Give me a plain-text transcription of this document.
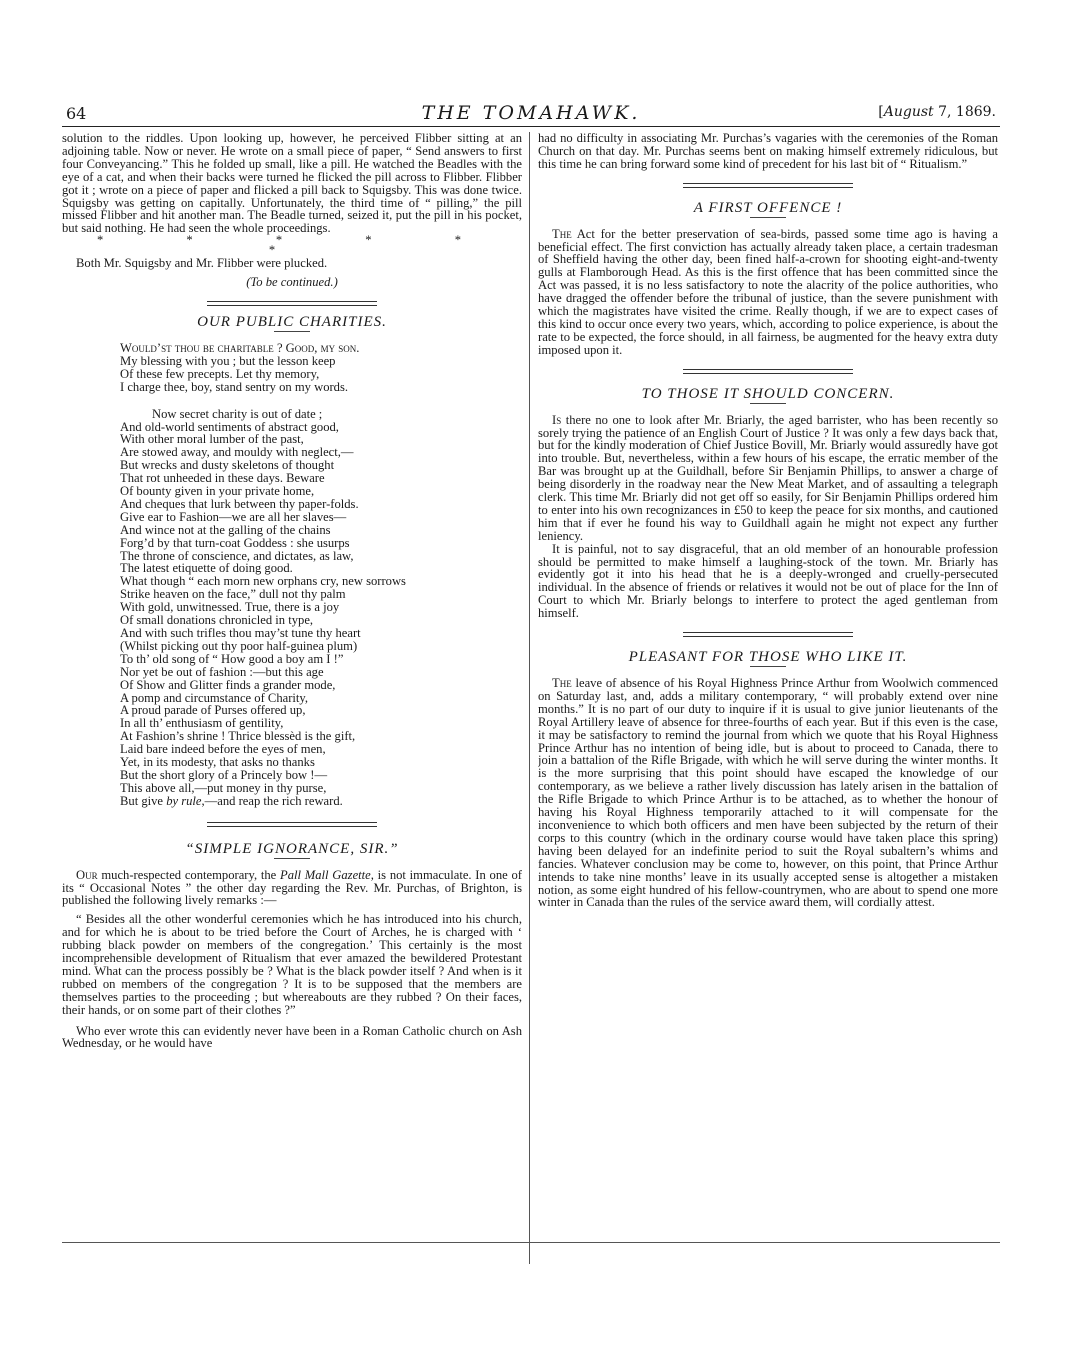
64	THE TOMAHAWK.	[August 7, 1869.

solution to the riddles. Upon looking up, however, he perceived Flibber sitting at an adjoining table. Now or never. He wrote on a small piece of paper, “ Send answers to first four Conveyancing.” This he folded up small, like a pill. He watched the Beadles with the eye of a cat, and when their backs were turned he flicked the pill across to Flibber. Flibber got it ; wrote on a piece of paper and flicked a pill back to Squigsby. This was done twice. Squigsby was getting on capitally. Unfortunately, the third time of “ pilling,” the pill missed Flibber and hit another man. The Beadle turned, seized it, put the pill in his pocket, but said nothing. He had seen the whole proceedings.

* * * * * *

Both Mr. Squigsby and Mr. Flibber were plucked.

(To be continued.)

OUR PUBLIC CHARITIES.
Would’st thou be charitable ? Good, my son.
My blessing with you ; but the lesson keep
Of these few precepts. Let thy memory,
I charge thee, boy, stand sentry on my words.
Now secret charity is out of date ;
And old-world sentiments of abstract good,
With other moral lumber of the past,
Are stowed away, and mouldy with neglect,—
But wrecks and dusty skeletons of thought
That rot unheeded in these days. Beware
Of bounty given in your private home,
And cheques that lurk between thy paper-folds.
Give ear to Fashion—we are all her slaves—
And wince not at the galling of the chains
Forg’d by that turn-coat Goddess : she usurps
The throne of conscience, and dictates, as law,
The latest etiquette of doing good.
What though “ each morn new orphans cry, new sorrows
Strike heaven on the face,” dull not thy palm
With gold, unwitnessed. True, there is a joy
Of small donations chronicled in type,
And with such trifles thou may’st tune thy heart
(Whilst picking out thy poor half-guinea plum)
To th’ old song of “ How good a boy am I !”
Nor yet be out of fashion :—but this age
Of Show and Glitter finds a grander mode,
A pomp and circumstance of Charity,
A proud parade of Purses offered up,
In all th’ enthusiasm of gentility,
At Fashion’s shrine ! Thrice blessèd is the gift,
Laid bare indeed before the eyes of men,
Yet, in its modesty, that asks no thanks
But the short glory of a Princely bow !—
This above all,—put money in thy purse,
But give by rule,—and reap the rich reward.
“SIMPLE IGNORANCE, SIR.”

Our much-respected contemporary, the Pall Mall Gazette, is not immaculate. In one of its “ Occasional Notes ” the other day regarding the Rev. Mr. Purchas, of Brighton, is published the following lively remarks :—

“ Besides all the other wonderful ceremonies which he has introduced into his church, and for which he is about to be tried before the Court of Arches, he is charged with ‘ rubbing black powder on members of the congregation.’ This certainly is the most incomprehensible development of Ritualism that ever amazed the bewildered Protestant mind. What can the process possibly be ? What is the black powder itself ? And when is it rubbed on members of the congregation ? It is to be supposed that the members are themselves parties to the proceeding ; but whereabouts are they rubbed ? On their faces, their hands, or on some part of their clothes ?”

Who ever wrote this can evidently never have been in a Roman Catholic church on Ash Wednesday, or he would have

had no difficulty in associating Mr. Purchas’s vagaries with the ceremonies of the Roman Church on that day. Mr. Purchas seems bent on making himself extremely ridiculous, but this time he can bring forward some kind of precedent for his last bit of “ Ritualism.”

A FIRST OFFENCE !

The Act for the better preservation of sea-birds, passed some time ago is having a beneficial effect. The first conviction has actually already taken place, a certain tradesman of Sheffield having the other day, been fined half-a-crown for shooting eight-and-twenty gulls at Flamborough Head. As this is the first offence that has been committed since the Act was passed, it is no less satisfactory to note the alacrity of the police authorities, who have dragged the offender before the tribunal of justice, than the severe punishment with which the magistrates have visited the crime. Really though, if we are to expect cases of this kind to occur once every two years, which, according to police experience, is about the rate to be expected, the force should, in all fairness, be augmented for the heavy extra duty imposed upon it.

TO THOSE IT SHOULD CONCERN.

Is there no one to look after Mr. Briarly, the aged barrister, who has been recently so sorely trying the patience of an English Court of Justice ? It was only a few days back that, but for the kindly moderation of Chief Justice Bovill, Mr. Briarly would assuredly have got into trouble. But, nevertheless, within a few hours of his escape, the erratic member of the Bar was brought up at the Guildhall, before Sir Benjamin Phillips, to answer a charge of being disorderly in the roadway near the New Meat Market, and of assaulting a telegraph clerk. This time Mr. Briarly did not get off so easily, for Sir Benjamin Phillips ordered him to enter into his own recognizances in £50 to keep the peace for six months, and cautioned him that if ever he found his way to Guildhall again he might not expect any further leniency.

It is painful, not to say disgraceful, that an old member of an honourable profession should be permitted to make himself a laughing-stock of the town. Mr. Briarly has evidently got it into his head that he is a deeply-wronged and cruelly-persecuted individual. In the absence of friends or relatives it would not be out of place for the Inn of Court to which Mr. Briarly belongs to interfere to protect the aged gentleman from himself.

PLEASANT FOR THOSE WHO LIKE IT.

The leave of absence of his Royal Highness Prince Arthur from Woolwich commenced on Saturday last, and, adds a military contemporary, “ will probably extend over nine months.” It is no part of our duty to inquire if it is usual to give junior lieutenants of the Royal Artillery leave of absence for three-fourths of each year. But if this even is the case, it may be satisfactory to remind the journal from which we quote that his Royal Highness Prince Arthur has no intention of being idle, but is about to proceed to Canada, there to join a battalion of the Rifle Brigade, with which he will serve during the winter months. It is the more surprising that this point should have escaped the knowledge of our contemporary, as we believe a rather lively discussion has lately arisen in the battalion of the Rifle Brigade to which Prince Arthur is to be attached, as to whether the honour of having his Royal Highness temporarily attached to it will compensate for the inconvenience to which both officers and men have been subjected by the return of their corps to this country (which in the ordinary course would have taken place this spring) having been delayed for an indefinite period to suit the Royal subaltern’s whims and fancies. Whatever conclusion may be come to, however, on this point, that Prince Arthur intends to take nine months’ leave in its usually accepted sense is altogether a mistaken notion, as some eight hundred of his fellow-countrymen, who are about to spend one more winter in Canada than the rules of the service award them, will cordially attest.
